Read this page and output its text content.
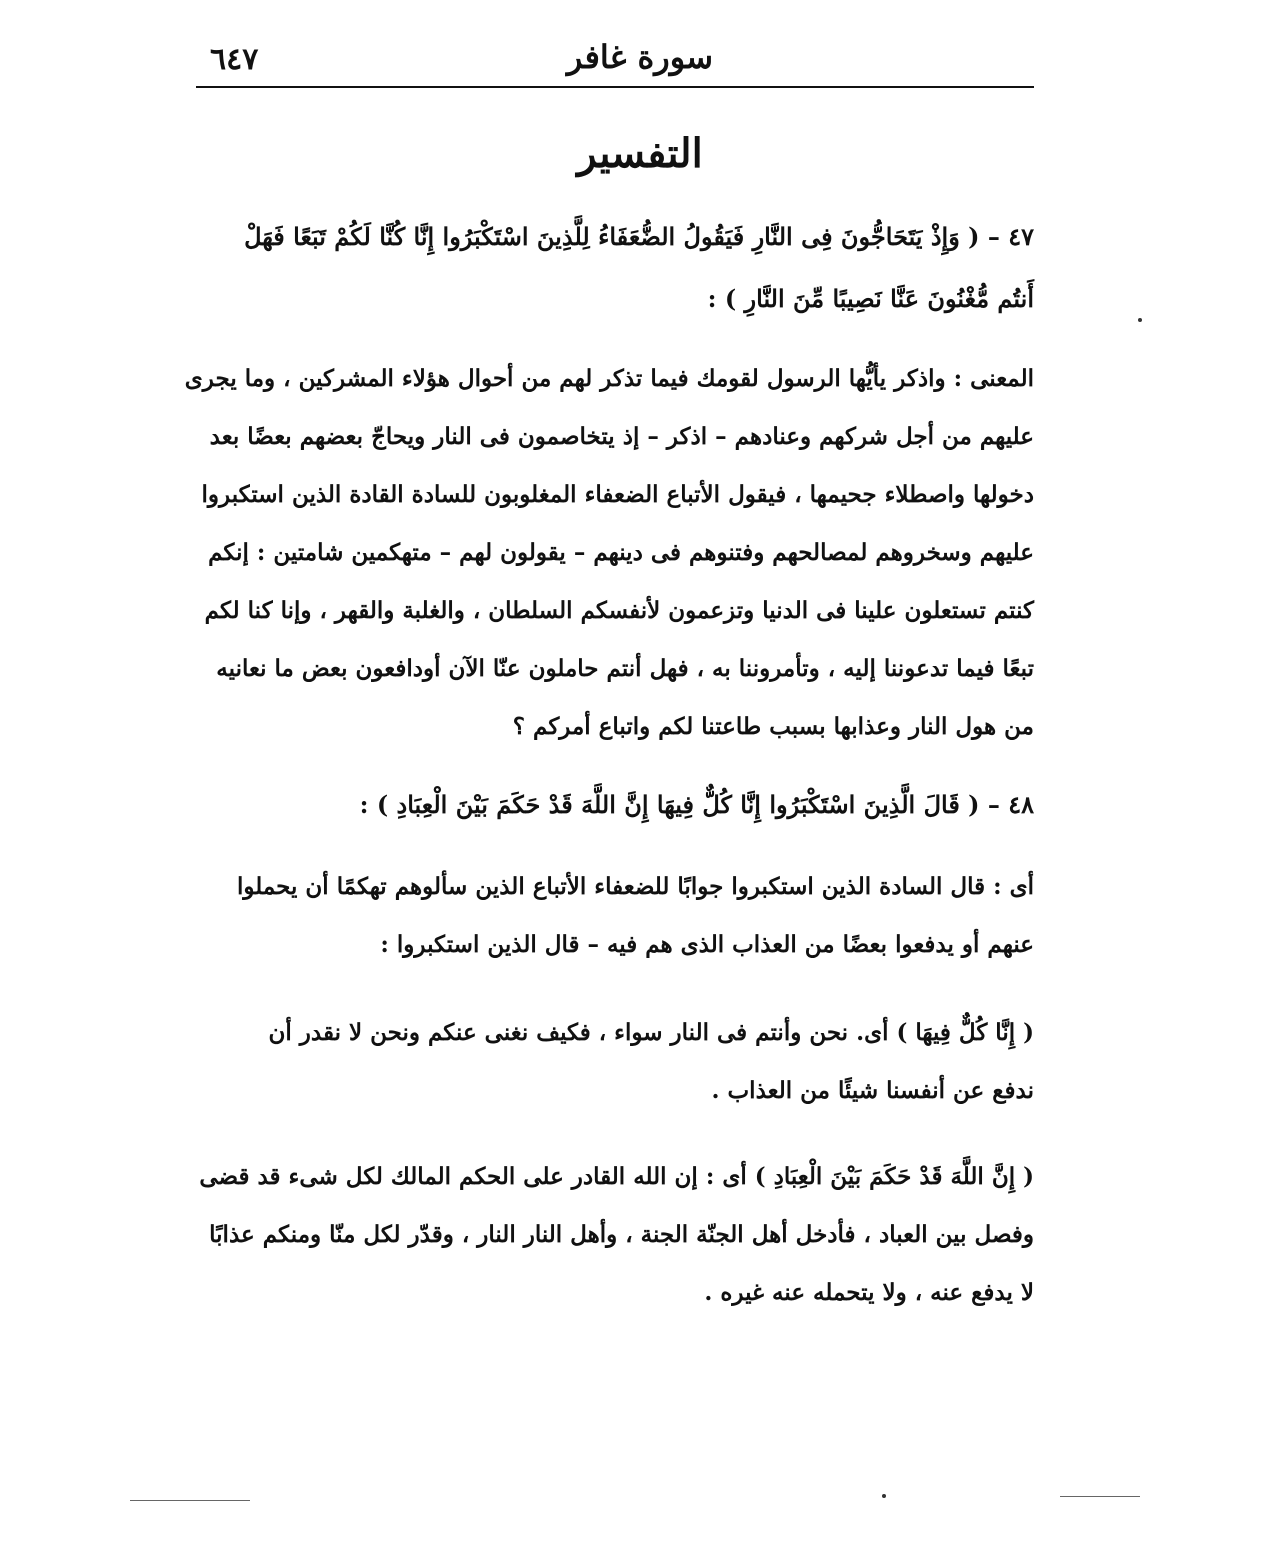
٦٤٧	سورة غافر
التفسير
٤٧ – ( وَإِذْ يَتَحَاجُّونَ فِى النَّارِ فَيَقُولُ الضُّعَفَاءُ لِلَّذِينَ اسْتَكْبَرُوا إِنَّا كُنَّا لَكُمْ تَبَعًا فَهَلْ
أَنتُم مُّغْنُونَ عَنَّا نَصِيبًا مِّنَ النَّارِ ) :
المعنى : واذكر يأيُّها الرسول لقومك فيما تذكر لهم من أحوال هؤلاء المشركين ، وما يجرى
عليهم من أجل شركهم وعنادهم – اذكر – إذ يتخاصمون فى النار ويحاجّ بعضهم بعضًا بعد
دخولها واصطلاء جحيمها ، فيقول الأتباع الضعفاء المغلوبون للسادة القادة الذين استكبروا
عليهم وسخروهم لمصالحهم وفتنوهم فى دينهم – يقولون لهم – متهكمين شامتين : إنكم
كنتم تستعلون علينا فى الدنيا وتزعمون لأنفسكم السلطان ، والغلبة والقهر ، وإنا كنا لكم
تبعًا فيما تدعوننا إليه ، وتأمروننا به ، فهل أنتم حاملون عنّا الآن أودافعون بعض ما نعانيه
من هول النار وعذابها بسبب طاعتنا لكم واتباع أمركم ؟
٤٨ – ( قَالَ الَّذِينَ اسْتَكْبَرُوا إِنَّا كُلٌّ فِيهَا إِنَّ اللَّهَ قَدْ حَكَمَ بَيْنَ الْعِبَادِ ) :
أى : قال السادة الذين استكبروا جوابًا للضعفاء الأتباع الذين سألوهم تهكمًا أن يحملوا
عنهم أو يدفعوا بعضًا من العذاب الذى هم فيه – قال الذين استكبروا :
( إِنَّا كُلٌّ فِيهَا ) أى. نحن وأنتم فى النار سواء ، فكيف نغنى عنكم ونحن لا نقدر أن
ندفع عن أنفسنا شيئًا من العذاب .
( إِنَّ اللَّهَ قَدْ حَكَمَ بَيْنَ الْعِبَادِ ) أى : إن الله القادر على الحكم المالك لكل شىء قد قضى
وفصل بين العباد ، فأدخل أهل الجنّة الجنة ، وأهل النار النار ، وقدّر لكل منّا ومنكم عذابًا
لا يدفع عنه ، ولا يتحمله عنه غيره .
